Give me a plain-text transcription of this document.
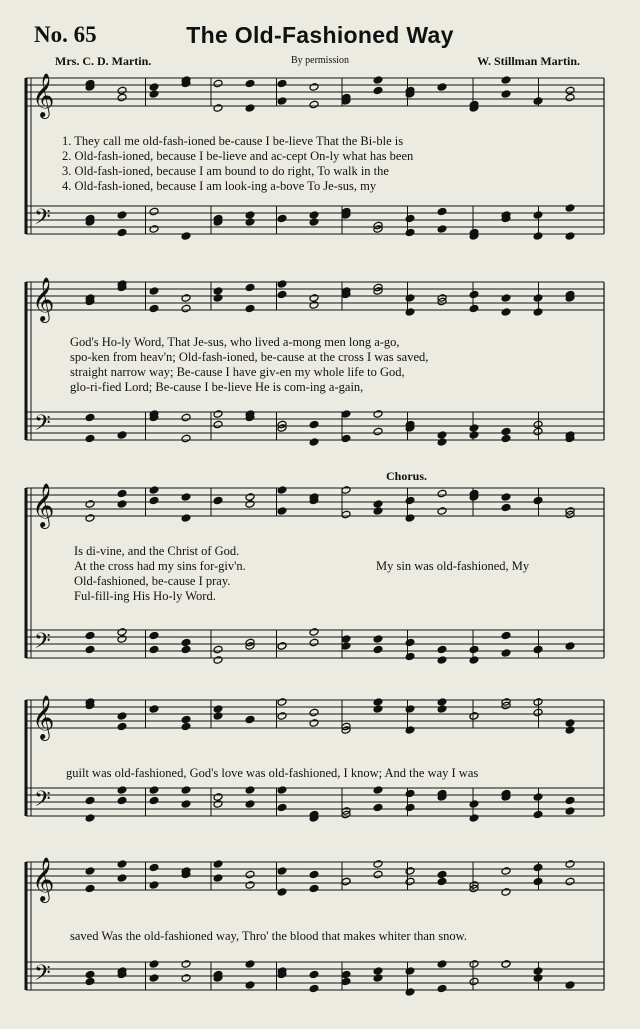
No. 65	The Old-Fashioned Way
Mrs. C. D. Martin.	By permission	W. Stillman Martin.
𝄞
𝄢
𝄞
𝄢
𝄞
𝄢
𝄞
𝄢
𝄞
𝄢
1. They call me old-fash-ioned be-cause I be-lieve That the Bi-ble is
2. Old-fash-ioned, because I be-lieve and ac-cept On-ly what has been
3. Old-fash-ioned, because I am bound to do right, To walk in the
4. Old-fash-ioned, because I am look-ing a-bove To Je-sus, my
God's Ho-ly Word, That Je-sus, who lived a-mong men long a-go,
spo-ken from heav'n; Old-fash-ioned, be-cause at the cross I was saved,
straight narrow way; Be-cause I have giv-en my whole life to God,
glo-ri-fied Lord; Be-cause I be-lieve He is com-ing a-gain,
Chorus.
Is di-vine, and the Christ of God.
At the cross had my sins for-giv'n.
Old-fashioned, be-cause I pray.
Ful-fill-ing His Ho-ly Word.
My sin was old-fashioned, My
guilt was old-fashioned, God's love was old-fashioned, I know; And the way I was
saved Was the old-fashioned way, Thro' the blood that makes whiter than snow.
